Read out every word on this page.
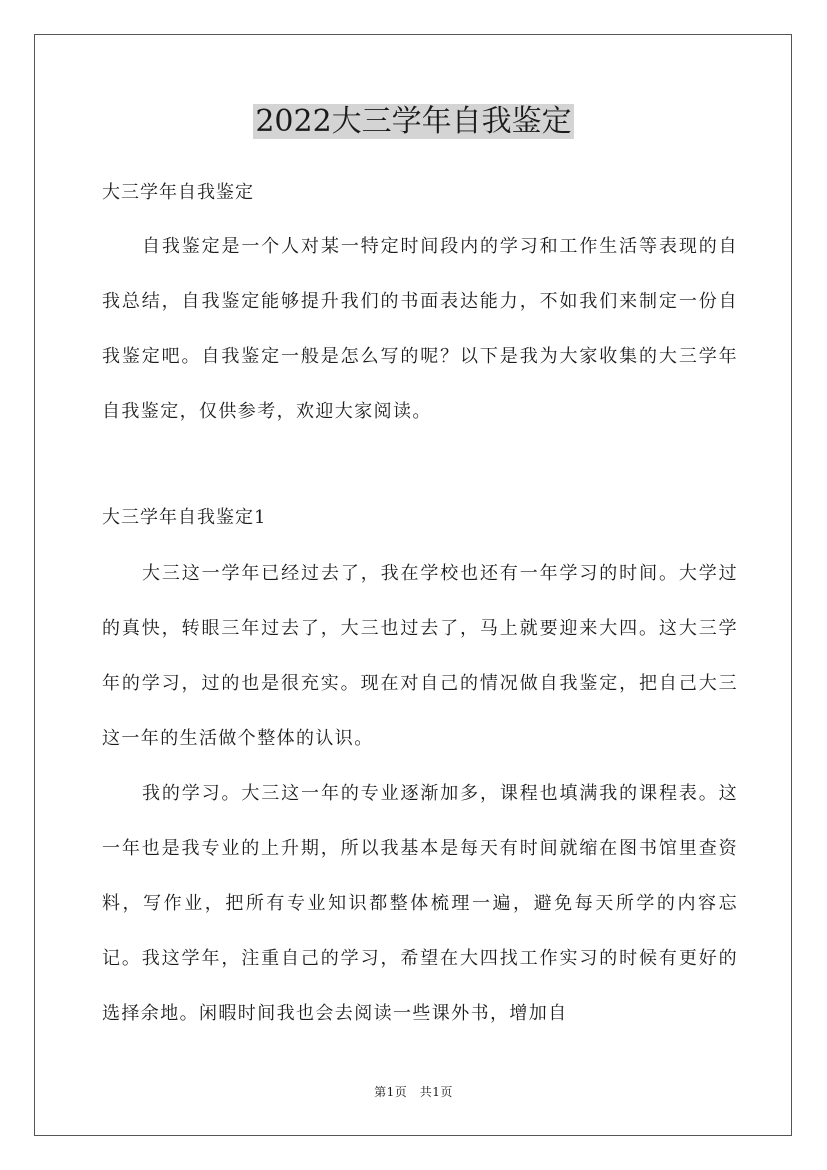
2022大三学年自我鉴定
大三学年自我鉴定

自我鉴定是一个人对某一特定时间段内的学习和工作生活等表现的自我总结，自我鉴定能够提升我们的书面表达能力，不如我们来制定一份自我鉴定吧。自我鉴定一般是怎么写的呢？以下是我为大家收集的大三学年自我鉴定，仅供参考，欢迎大家阅读。

大三学年自我鉴定1

大三这一学年已经过去了，我在学校也还有一年学习的时间。大学过的真快，转眼三年过去了，大三也过去了，马上就要迎来大四。这大三学年的学习，过的也是很充实。现在对自己的情况做自我鉴定，把自己大三这一年的生活做个整体的认识。

我的学习。大三这一年的专业逐渐加多，课程也填满我的课程表。这一年也是我专业的上升期，所以我基本是每天有时间就缩在图书馆里查资料，写作业，把所有专业知识都整体梳理一遍，避免每天所学的内容忘记。我这学年，注重自己的学习，希望在大四找工作实习的时候有更好的选择余地。闲暇时间我也会去阅读一些课外书，增加自

第1页　共1页
